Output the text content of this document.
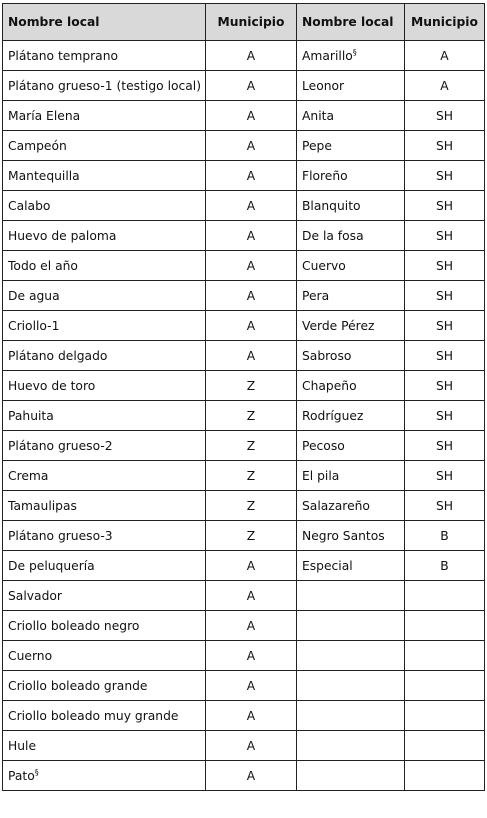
Nombre local	Municipio	Nombre local	Municipio
Plátano temprano	A	Amarillo§	A
Plátano grueso-1 (testigo local)	A	Leonor	A
María Elena	A	Anita	SH
Campeón	A	Pepe	SH
Mantequilla	A	Floreño	SH
Calabo	A	Blanquito	SH
Huevo de paloma	A	De la fosa	SH
Todo el año	A	Cuervo	SH
De agua	A	Pera	SH
Criollo-1	A	Verde Pérez	SH
Plátano delgado	A	Sabroso	SH
Huevo de toro	Z	Chapeño	SH
Pahuita	Z	Rodríguez	SH
Plátano grueso-2	Z	Pecoso	SH
Crema	Z	El pila	SH
Tamaulipas	Z	Salazareño	SH
Plátano grueso-3	Z	Negro Santos	B
De peluquería	A	Especial	B
Salvador	A		
Criollo boleado negro	A		
Cuerno	A		
Criollo boleado grande	A		
Criollo boleado muy grande	A		
Hule	A		
Pato§	A		
